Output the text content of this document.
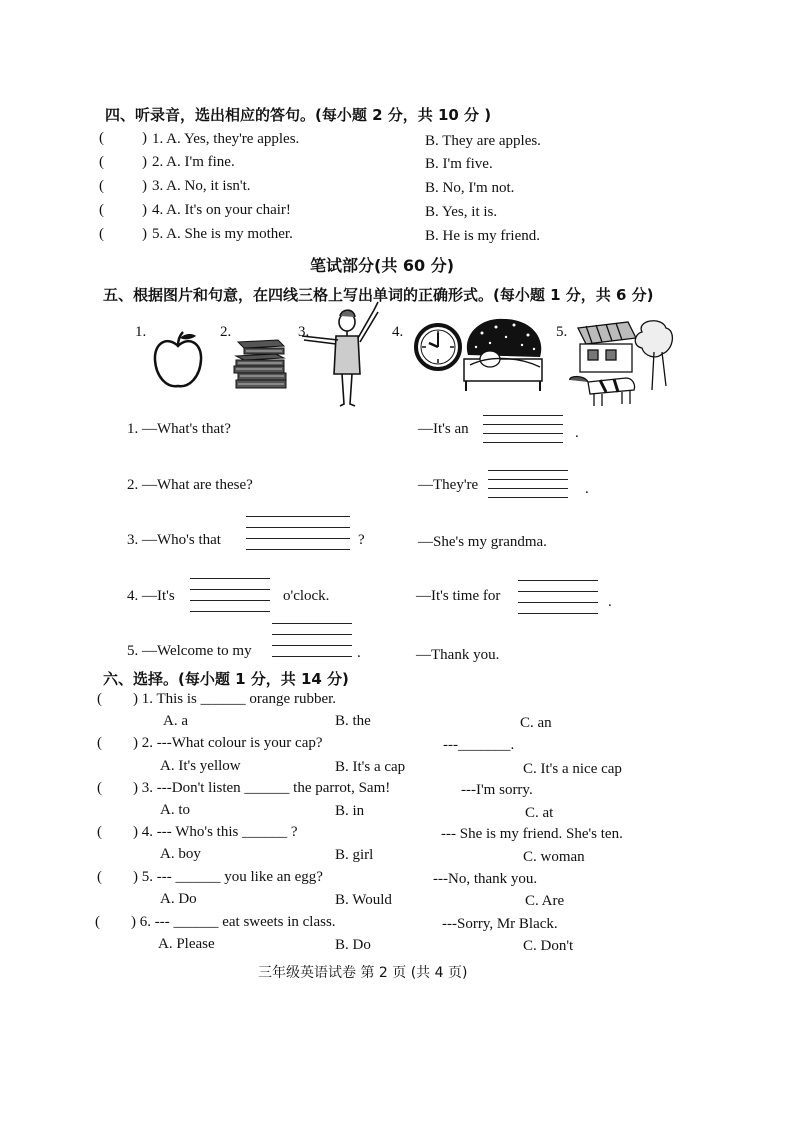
四、听录音，选出相应的答句。(每小题 2 分，共 10 分 )
(	) 1. A. Yes, they're apples.	B. They are apples.
(	) 2. A. I'm fine.	B. I'm five.
(	) 3. A. No, it isn't.	B. No, I'm not.
(	) 4. A. It's on your chair!	B. Yes, it is.
(	) 5. A. She is my mother.	B. He is my friend.
笔试部分(共 60 分)
五、根据图片和句意，在四线三格上写出单词的正确形式。(每小题 1 分，共 6 分)
1.	2.	3.	4.	5.
1. —What's that?	—It's an	.
2. —What are these?	—They're	.
3. —Who's that	?	—She's my grandma.
4. —It's	o'clock.	—It's time for	.
5. —Welcome to my	.	—Thank you.
六、选择。(每小题 1 分，共 14 分)
( ) 1. This is ______ orange rubber.
A. a	B. the	C. an
( ) 2. ---What colour is your cap?	---_______.
A. It's yellow	B. It's a cap	C. It's a nice cap
( ) 3. ---Don't listen ______ the parrot, Sam!	---I'm sorry.
A. to	B. in	C. at
( ) 4. --- Who's this ______ ?	--- She is my friend. She's ten.
A. boy	B. girl	C. woman
( ) 5. --- ______ you like an egg?	---No, thank you.
A. Do	B. Would	C. Are
( ) 6. --- ______ eat sweets in class.	---Sorry, Mr Black.
A. Please	B. Do	C. Don't
三年级英语试卷 第 2 页 (共 4 页)
